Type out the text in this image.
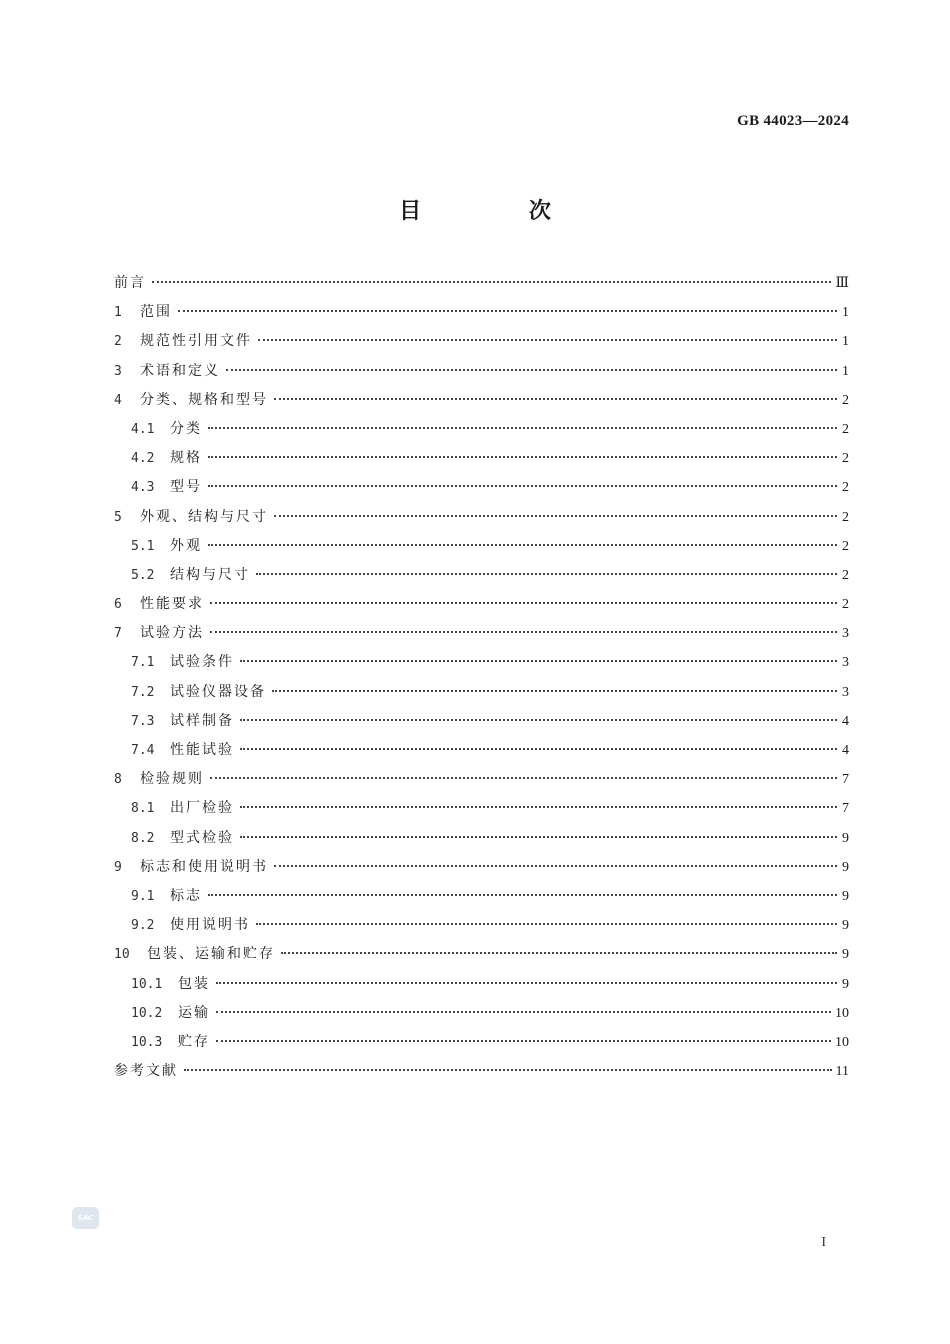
GB 44023—2024
目 次
前言	Ⅲ
1	范围	1
2	规范性引用文件	1
3	术语和定义	1
4	分类、规格和型号	2
4.1	分类	2
4.2	规格	2
4.3	型号	2
5	外观、结构与尺寸	2
5.1	外观	2
5.2	结构与尺寸	2
6	性能要求	2
7	试验方法	3
7.1	试验条件	3
7.2	试验仪器设备	3
7.3	试样制备	4
7.4	性能试验	4
8	检验规则	7
8.1	出厂检验	7
8.2	型式检验	9
9	标志和使用说明书	9
9.1	标志	9
9.2	使用说明书	9
10	包装、运输和贮存	9
10.1	包装	9
10.2	运输	10
10.3	贮存	10
参考文献	11
SAC
I
